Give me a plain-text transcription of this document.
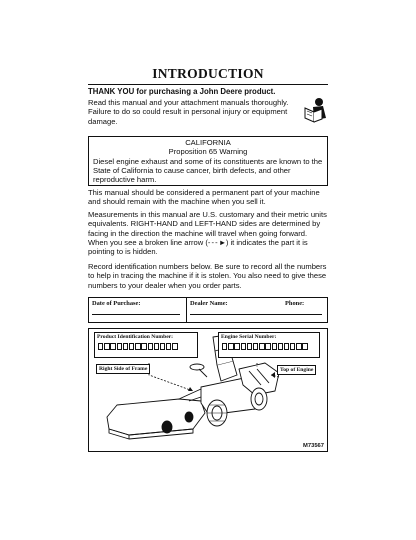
INTRODUCTION
THANK YOU for purchasing a John Deere product.
Read this manual and your attachment manuals thoroughly. Failure to do so could result in personal injury or equipment damage.
CALIFORNIA
Proposition 65 Warning
Diesel engine exhaust and some of its constituents are known to the State of California to cause cancer, birth defects, and other reproductive harm.
This manual should be considered a permanent part of your machine and should remain with the machine when you sell it.
Measurements in this manual are U.S. customary and their metric units equivalents. RIGHT-HAND and LEFT-HAND sides are determined by facing in the direction the machine will travel when going forward. When you see a broken line arrow (- - - ►) it indicates the part it is pointing to is hidden.
Record identification numbers below. Be sure to record all the numbers to help in tracing the machine if it is stolen. You also need to give these numbers to your dealer when you order parts.
Date of Purchase:	Dealer Name:	Phone:
Product Identification Number:	Engine Serial Number:
Right Side of Frame	Top of Engine
M73567
